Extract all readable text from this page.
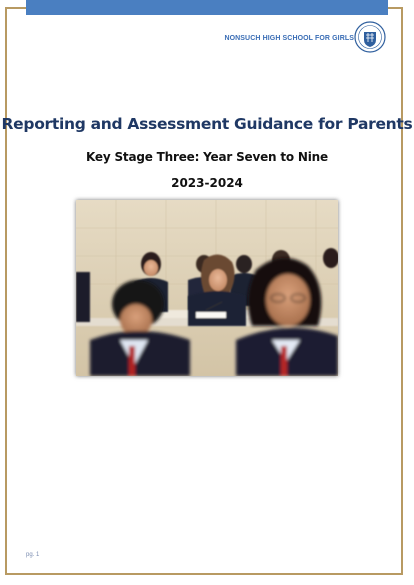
NONSUCH HIGH SCHOOL FOR GIRLS
Reporting and Assessment Guidance for Parents
Key Stage Three: Year Seven to Nine
2023-2024
pg. 1
